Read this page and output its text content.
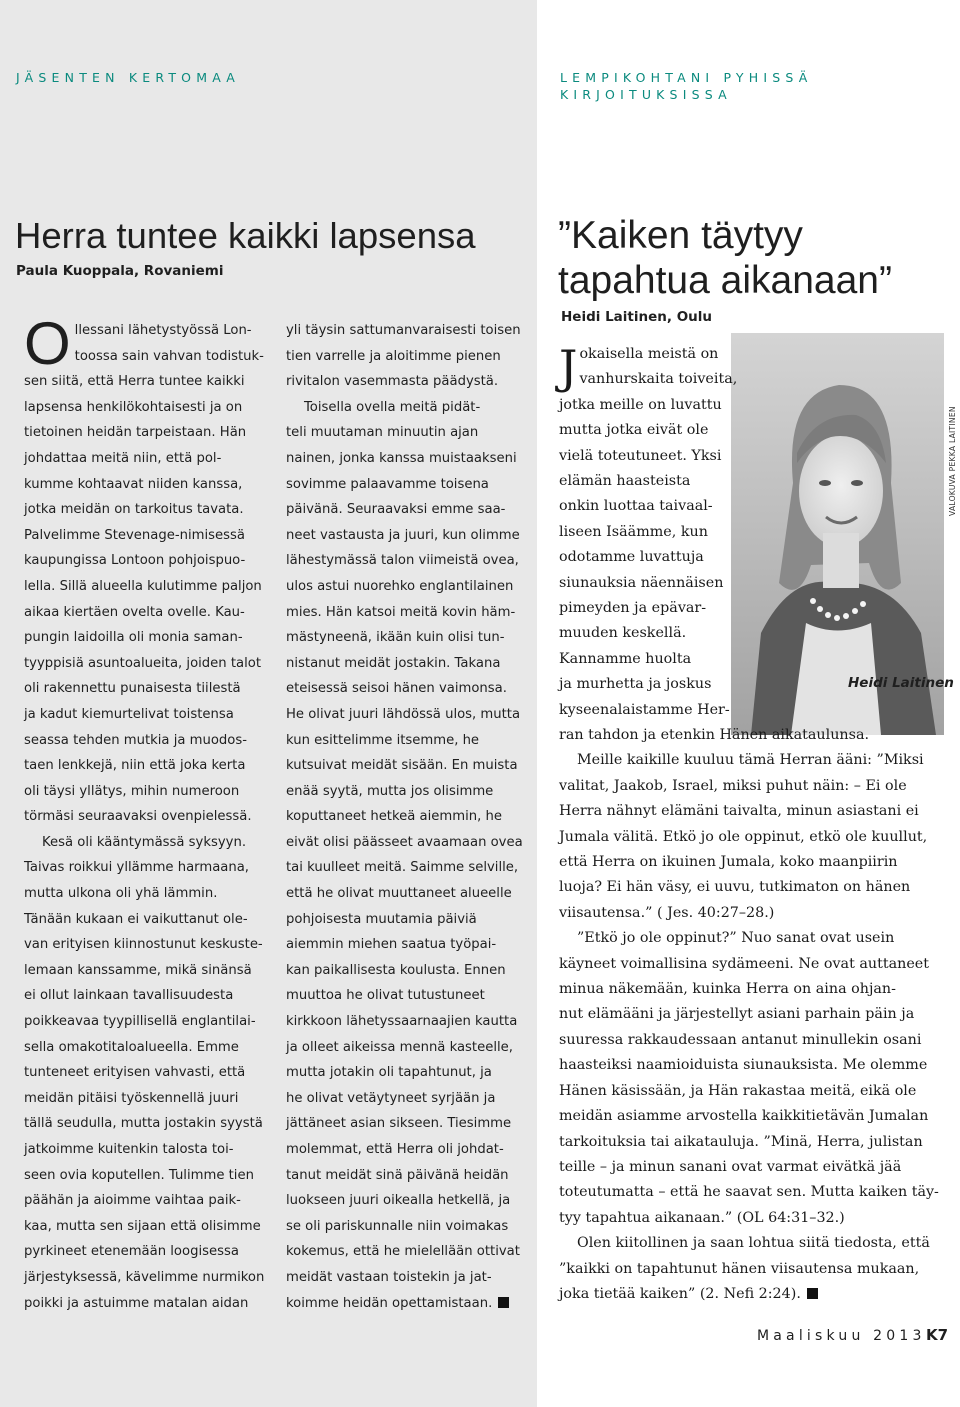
JÄSENTEN KERTOMAA
Herra tuntee kaikki lapsensa
Paula Kuoppala, Rovaniemi
O llessani lähetystyössä Lon-

toossa sain vahvan todistuk-

sen siitä, että Herra tuntee kaikki

lapsensa henkilökohtaisesti ja on

tietoinen heidän tarpeistaan. Hän

johdattaa meitä niin, että pol-

kumme kohtaavat niiden kanssa,

jotka meidän on tarkoitus tavata.

Palvelimme Stevenage-nimisessä

kaupungissa Lontoon pohjoispuo-

lella. Sillä alueella kulutimme paljon

aikaa kiertäen ovelta ovelle. Kau-

pungin laidoilla oli monia saman-

tyyppisiä asuntoalueita, joiden talot

oli rakennettu punaisesta tiilestä

ja kadut kiemurtelivat toistensa

seassa tehden mutkia ja muodos-

taen lenkkejä, niin että joka kerta

oli täysi yllätys, mihin numeroon

törmäsi seuraavaksi ovenpielessä.

Kesä oli kääntymässä syksyyn.

Taivas roikkui yllämme harmaana,

mutta ulkona oli yhä lämmin.

Tänään kukaan ei vaikuttanut ole-

van erityisen kiinnostunut keskuste-

lemaan kanssamme, mikä sinänsä

ei ollut lainkaan tavallisuudesta

poikkeavaa tyypillisellä englantilai-

sella omakotitaloalueella. Emme

tunteneet erityisen vahvasti, että

meidän pitäisi työskennellä juuri

tällä seudulla, mutta jostakin syystä

jatkoimme kuitenkin talosta toi-

seen ovia koputellen. Tulimme tien

päähän ja aioimme vaihtaa paik-

kaa, mutta sen sijaan että olisimme

pyrkineet etenemään loogisessa

järjestyksessä, kävelimme nurmikon

poikki ja astuimme matalan aidan

yli täysin sattumanvaraisesti toisen

tien varrelle ja aloitimme pienen

rivitalon vasemmasta päädystä.

Toisella ovella meitä pidät-

teli muutaman minuutin ajan

nainen, jonka kanssa muistaakseni

sovimme palaavamme toisena

päivänä. Seuraavaksi emme saa-

neet vastausta ja juuri, kun olimme

lähestymässä talon viimeistä ovea,

ulos astui nuorehko englantilainen

mies. Hän katsoi meitä kovin häm-

mästyneenä, ikään kuin olisi tun-

nistanut meidät jostakin. Takana

eteisessä seisoi hänen vaimonsa.

He olivat juuri lähdössä ulos, mutta

kun esittelimme itsemme, he

kutsuivat meidät sisään. En muista

enää syytä, mutta jos olisimme

koputtaneet hetkeä aiemmin, he

eivät olisi päässeet avaamaan ovea

tai kuulleet meitä. Saimme selville,

että he olivat muuttaneet alueelle

pohjoisesta muutamia päiviä

aiemmin miehen saatua työpai-

kan paikallisesta koulusta. Ennen

muuttoa he olivat tutustuneet

kirkkoon lähetyssaarnaajien kautta

ja olleet aikeissa mennä kasteelle,

mutta jotakin oli tapahtunut, ja

he olivat vetäytyneet syrjään ja

jättäneet asian sikseen. Tiesimme

molemmat, että Herra oli johdat-

tanut meidät sinä päivänä heidän

luokseen juuri oikealla hetkellä, ja

se oli pariskunnalle niin voimakas

kokemus, että he mielellään ottivat

meidät vastaan toistekin ja jat-

koimme heidän opettamistaan.

LEMPIKOHTANI PYHISSÄ
KIRJOITUKSISSA
”Kaiken täytyy
tapahtua aikanaan”
Heidi Laitinen, Oulu
VALOKUVA PEKKA LAITINEN
J okaisella meistä on

vanhurskaita toiveita,

jotka meille on luvattu

mutta jotka eivät ole

vielä toteutuneet. Yksi

elämän haasteista

onkin luottaa taivaal-

liseen Isäämme, kun

odotamme luvattuja

siunauksia näennäisen

pimeyden ja epävar-

muuden keskellä.

Kannamme huolta

ja murhetta ja joskus

kyseenalaistamme Her-

Heidi Laitinen

ran tahdon ja etenkin Hänen aikataulunsa.

Meille kaikille kuuluu tämä Herran ääni: ”Miksi

valitat, Jaakob, Israel, miksi puhut näin: – Ei ole

Herra nähnyt elämäni taivalta, minun asiastani ei

Jumala välitä. Etkö jo ole oppinut, etkö ole kuullut,

että Herra on ikuinen Jumala, koko maanpiirin

luoja? Ei hän väsy, ei uuvu, tutkimaton on hänen

viisautensa.” ( Jes. 40:27–28.)

”Etkö jo ole oppinut?” Nuo sanat ovat usein

käyneet voimallisina sydämeeni. Ne ovat auttaneet

minua näkemään, kuinka Herra on aina ohjan-

nut elämääni ja järjestellyt asiani parhain päin ja

suuressa rakkaudessaan antanut minullekin osani

haasteiksi naamioiduista siunauksista. Me olemme

Hänen käsissään, ja Hän rakastaa meitä, eikä ole

meidän asiamme arvostella kaikkitietävän Jumalan

tarkoituksia tai aikatauluja. ”Minä, Herra, julistan

teille – ja minun sanani ovat varmat eivätkä jää

toteutumatta – että he saavat sen. Mutta kaiken täy-

tyy tapahtua aikanaan.” (OL 64:31–32.)

Olen kiitollinen ja saan lohtua siitä tiedosta, että

”kaikki on tapahtunut hänen viisautensa mukaan,

joka tietää kaiken” (2. Nefi 2:24).

Maaliskuu 2013 K7
